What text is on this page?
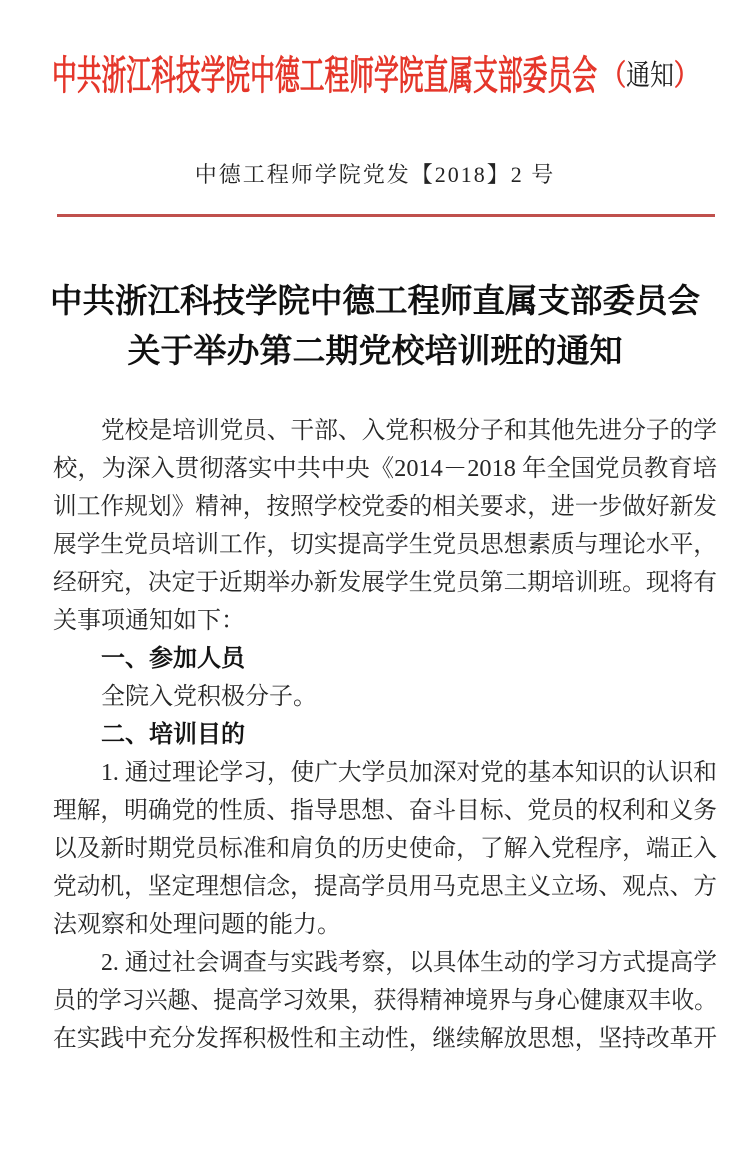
中共浙江科技学院中德工程师学院直属支部委员会 （通知）
中德工程师学院党发【2018】2 号
中共浙江科技学院中德工程师直属支部委员会
关于举办第二期党校培训班的通知
党校是培训党员、干部、入党积极分子和其他先进分子的学
校，为深入贯彻落实中共中央《2014－2018 年全国党员教育培
训工作规划》精神，按照学校党委的相关要求，进一步做好新发
展学生党员培训工作，切实提高学生党员思想素质与理论水平，
经研究，决定于近期举办新发展学生党员第二期培训班。现将有
关事项通知如下：
一、参加人员
全院入党积极分子。
二、培训目的
1. 通过理论学习，使广大学员加深对党的基本知识的认识和
理解，明确党的性质、指导思想、奋斗目标、党员的权利和义务
以及新时期党员标准和肩负的历史使命，了解入党程序，端正入
党动机，坚定理想信念，提高学员用马克思主义立场、观点、方
法观察和处理问题的能力。
2. 通过社会调查与实践考察，以具体生动的学习方式提高学
员的学习兴趣、提高学习效果，获得精神境界与身心健康双丰收。
在实践中充分发挥积极性和主动性，继续解放思想，坚持改革开
